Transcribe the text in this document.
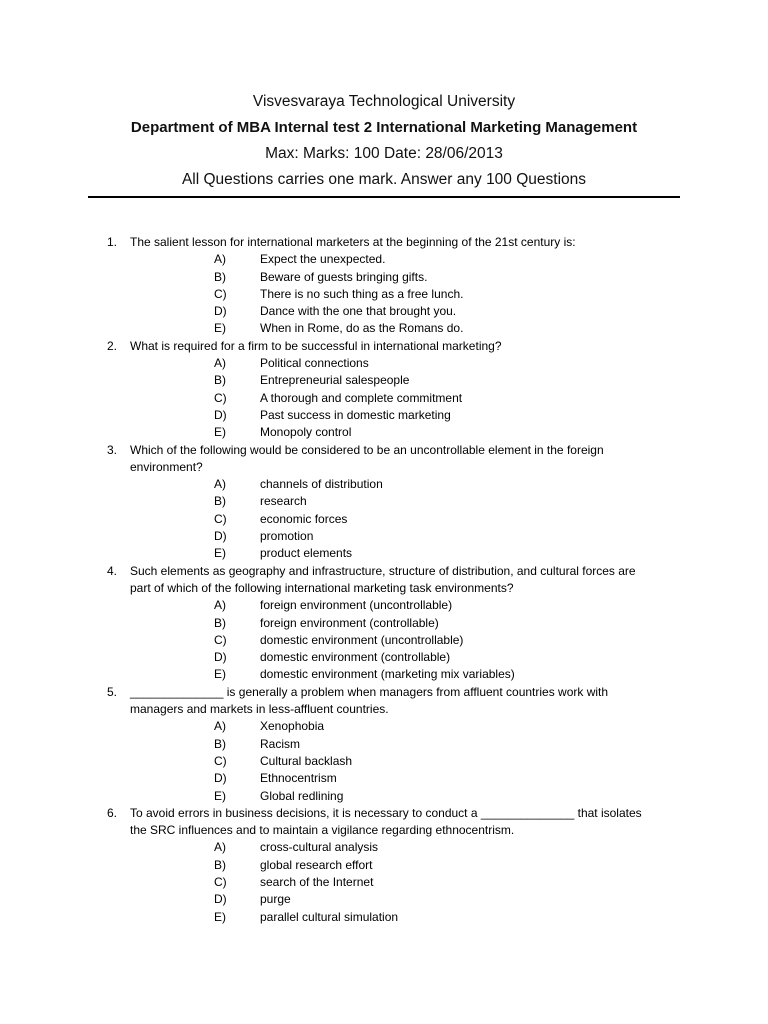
Visvesvaraya Technological University
Department of MBA Internal test 2 International Marketing Management
Max: Marks: 100 Date: 28/06/2013
All Questions carries one mark. Answer any 100 Questions
1. The salient lesson for international marketers at the beginning of the 21st century is:
A)	Expect the unexpected.
B)	Beware of guests bringing gifts.
C)	There is no such thing as a free lunch.
D)	Dance with the one that brought you.
E)	When in Rome, do as the Romans do.
2. What is required for a firm to be successful in international marketing?
A)	Political connections
B)	Entrepreneurial salespeople
C)	A thorough and complete commitment
D)	Past success in domestic marketing
E)	Monopoly control
3. Which of the following would be considered to be an uncontrollable element in the foreign environment?
A)	channels of distribution
B)	research
C)	economic forces
D)	promotion
E)	product elements
4. Such elements as geography and infrastructure, structure of distribution, and cultural forces are part of which of the following international marketing task environments?
A)	foreign environment (uncontrollable)
B)	foreign environment (controllable)
C)	domestic environment (uncontrollable)
D)	domestic environment (controllable)
E)	domestic environment (marketing mix variables)
5. ______________ is generally a problem when managers from affluent countries work with managers and markets in less-affluent countries.
A)	Xenophobia
B)	Racism
C)	Cultural backlash
D)	Ethnocentrism
E)	Global redlining
6. To avoid errors in business decisions, it is necessary to conduct a ______________ that isolates the SRC influences and to maintain a vigilance regarding ethnocentrism.
A)	cross-cultural analysis
B)	global research effort
C)	search of the Internet
D)	purge
E)	parallel cultural simulation
